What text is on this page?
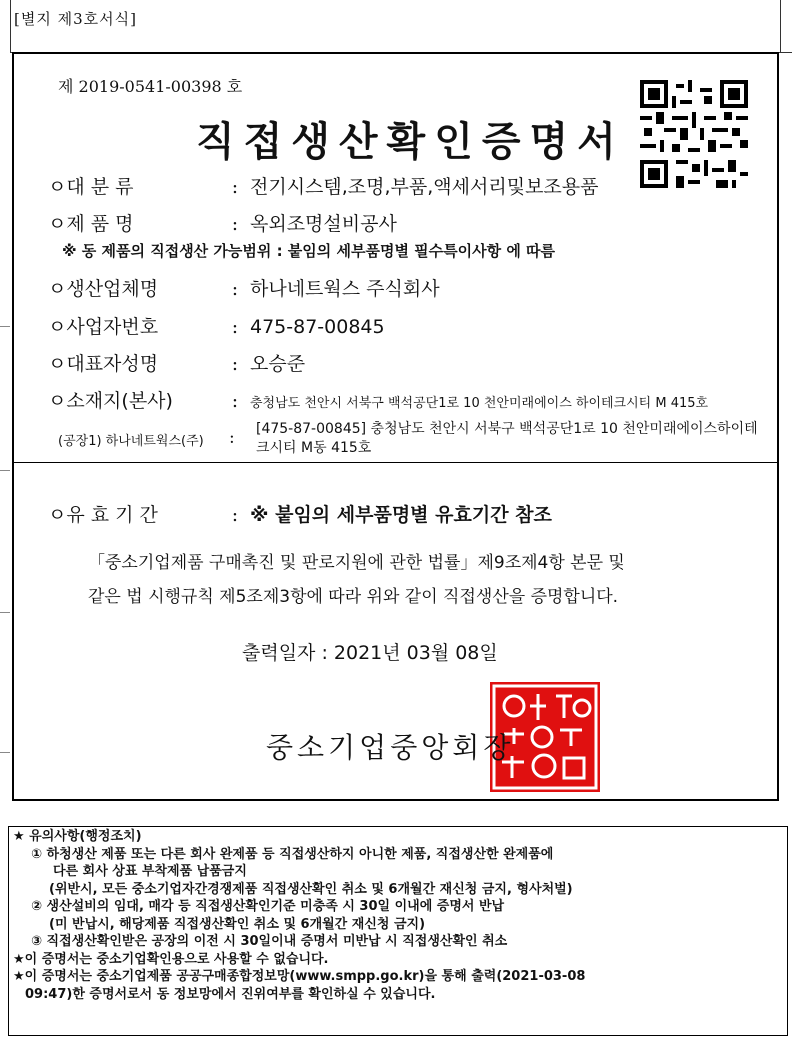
[별지 제3호서식]
제 2019-0541-00398 호
직접생산확인증명서
ㅇ대 분 류	: 전기시스템,조명,부품,액세서리및보조용품
ㅇ제 품 명	: 옥외조명설비공사
※ 동 제품의 직접생산 가능범위 : 붙임의 세부품명별 필수특이사항 에 따름
ㅇ생산업체명	: 하나네트웍스 주식회사
ㅇ사업자번호	: 475-87-00845
ㅇ대표자성명	: 오승준
ㅇ소재지(본사)	: 충청남도 천안시 서북구 백석공단1로 10 천안미래에이스 하이테크시티 M 415호
(공장1) 하나네트웍스(주) : [475-87-00845] 충청남도 천안시 서북구 백석공단1로 10 천안미래에이스하이테크시티 M동 415호
ㅇ유 효 기 간	: ※ 붙임의 세부품명별 유효기간 참조
「중소기업제품 구매촉진 및 판로지원에 관한 법률」제9조제4항 본문 및
같은 법 시행규칙 제5조제3항에 따라 위와 같이 직접생산을 증명합니다.
출력일자 : 2021년 03월 08일
중소기업중앙회장
★ 유의사항(행정조치)
① 하청생산 제품 또는 다른 회사 완제품 등 직접생산하지 아니한 제품, 직접생산한 완제품에
다른 회사 상표 부착제품 납품금지
(위반시, 모든 중소기업자간경쟁제품 직접생산확인 취소 및 6개월간 재신청 금지, 형사처벌)
② 생산설비의 임대, 매각 등 직접생산확인기준 미충족 시 30일 이내에 증명서 반납
(미 반납시, 해당제품 직접생산확인 취소 및 6개월간 재신청 금지)
③ 직접생산확인받은 공장의 이전 시 30일이내 증명서 미반납 시 직접생산확인 취소
★이 증명서는 중소기업확인용으로 사용할 수 없습니다.
★이 증명서는 중소기업제품 공공구매종합정보망(www.smpp.go.kr)을 통해 출력(2021-03-08
09:47)한 증명서로서 동 정보망에서 진위여부를 확인하실 수 있습니다.
